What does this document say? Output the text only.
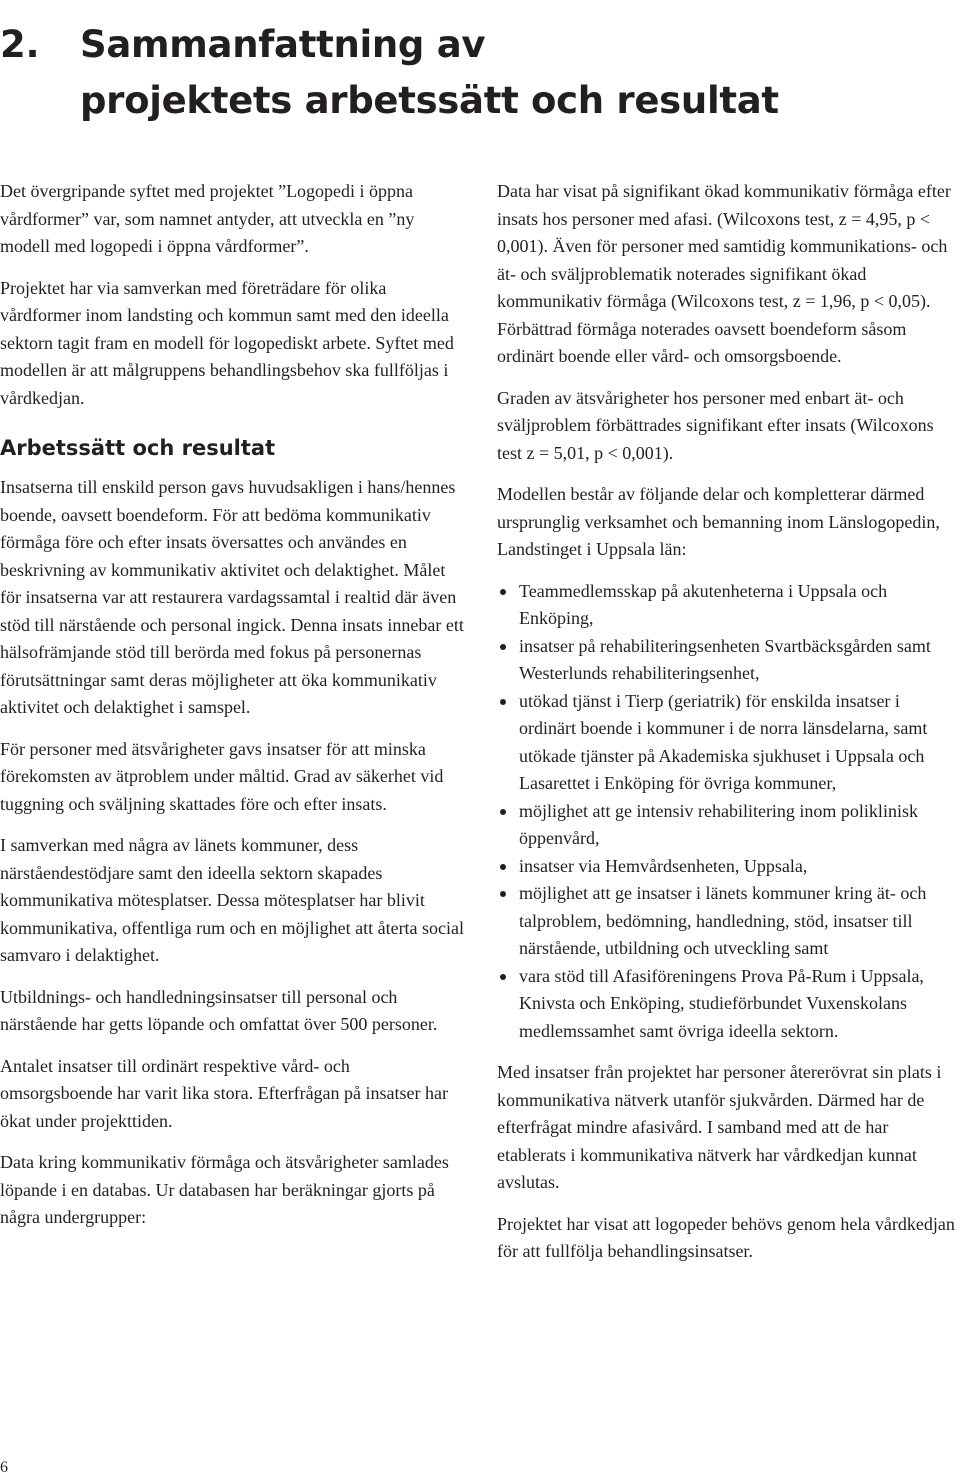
2. Sammanfattning av
projektets arbetssätt och resultat

Det övergripande syftet med projektet ”Logopedi i öppna vårdformer” var, som namnet antyder, att utveckla en ”ny modell med logopedi i öppna vårdformer”.

Projektet har via samverkan med företrädare för olika vårdformer inom landsting och kommun samt med den ideella sektorn tagit fram en modell för logopediskt arbete. Syftet med modellen är att målgruppens behandlingsbehov ska fullföljas i vårdkedjan.

Arbetssätt och resultat

Insatserna till enskild person gavs huvudsakligen i hans/hennes boende, oavsett boendeform. För att bedöma kommunikativ förmåga före och efter insats översattes och användes en beskrivning av kommunikativ aktivitet och delaktighet. Målet för insatserna var att restaurera vardagssamtal i realtid där även stöd till närstående och personal ingick. Denna insats innebar ett hälsofrämjande stöd till berörda med fokus på personernas förutsättningar samt deras möjligheter att öka kommunikativ aktivitet och delaktighet i samspel.

För personer med ätsvårigheter gavs insatser för att minska förekomsten av ätproblem under måltid. Grad av säkerhet vid tuggning och sväljning skattades före och efter insats.

I samverkan med några av länets kommuner, dess närståendestödjare samt den ideella sektorn skapades kommunikativa mötesplatser. Dessa mötesplatser har blivit kommunikativa, offentliga rum och en möjlighet att återta social samvaro i delaktighet.

Utbildnings- och handledningsinsatser till personal och närstående har getts löpande och omfattat över 500 personer.

Antalet insatser till ordinärt respektive vård- och omsorgsboende har varit lika stora. Efterfrågan på insatser har ökat under projekttiden.

Data kring kommunikativ förmåga och ätsvårigheter samlades löpande i en databas. Ur databasen har beräkningar gjorts på några undergrupper:

Data har visat på signifikant ökad kommunikativ förmåga efter insats hos personer med afasi. (Wilcoxons test, z = 4,95, p < 0,001). Även för personer med samtidig kommunikations- och ät- och sväljproblematik noterades signifikant ökad kommunikativ förmåga (Wilcoxons test, z = 1,96, p < 0,05). Förbättrad förmåga noterades oavsett boendeform såsom ordinärt boende eller vård- och omsorgsboende.

Graden av ätsvårigheter hos personer med enbart ät- och sväljproblem förbättrades signifikant efter insats (Wilcoxons test z = 5,01, p < 0,001).

Modellen består av följande delar och kompletterar därmed ursprunglig verksamhet och bemanning inom Länslogopedin, Landstinget i Uppsala län:

Teammedlemsskap på akutenheterna i Uppsala och Enköping,
insatser på rehabiliteringsenheten Svartbäcksgården samt Westerlunds rehabiliteringsenhet,
utökad tjänst i Tierp (geriatrik) för enskilda insatser i ordinärt boende i kommuner i de norra länsdelarna, samt utökade tjänster på Akademiska sjukhuset i Uppsala och Lasarettet i Enköping för övriga kommuner,
möjlighet att ge intensiv rehabilitering inom poliklinisk öppenvård,
insatser via Hemvårdsenheten, Uppsala,
möjlighet att ge insatser i länets kommuner kring ät- och talproblem, bedömning, handledning, stöd, insatser till närstående, utbildning och utveckling samt
vara stöd till Afasiföreningens Prova På-Rum i Uppsala, Knivsta och Enköping, studieförbundet Vuxenskolans medlemssamhet samt övriga ideella sektorn.

Med insatser från projektet har personer återerövrat sin plats i kommunikativa nätverk utanför sjukvården. Därmed har de efterfrågat mindre afasivård. I samband med att de har etablerats i kommunikativa nätverk har vårdkedjan kunnat avslutas.

Projektet har visat att logopeder behövs genom hela vårdkedjan för att fullfölja behandlingsinsatser.

6
